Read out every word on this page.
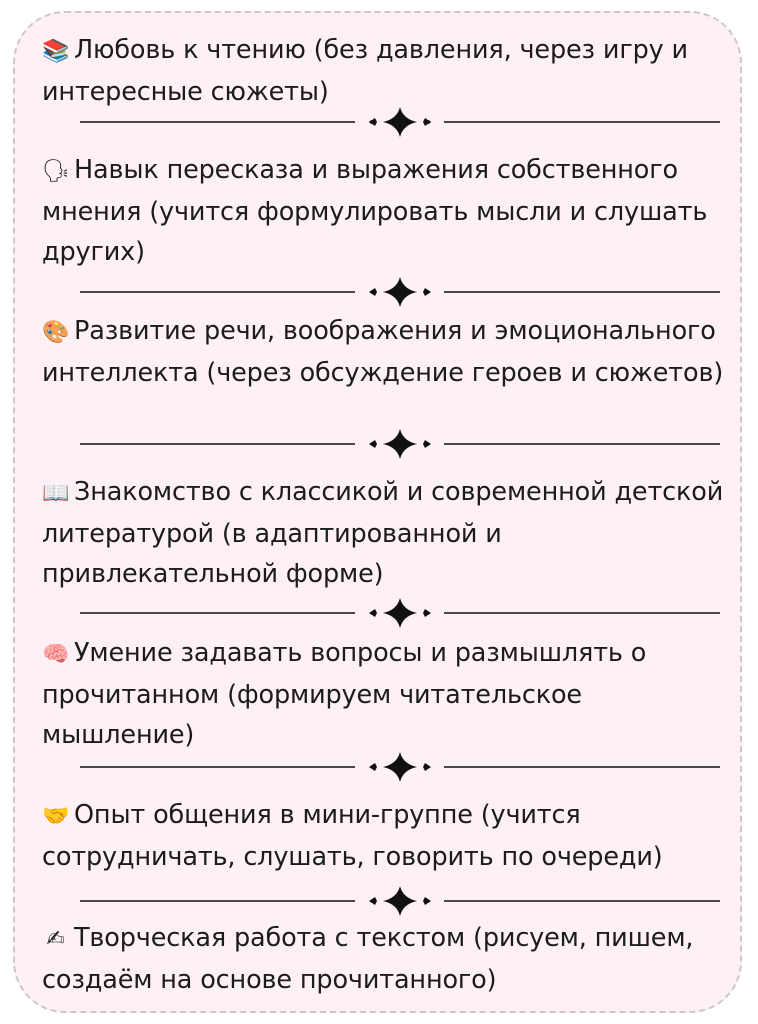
📚 Любовь к чтению (без давления, через игру и интересные сюжеты)
🗣 Навык пересказа и выражения собственного мнения (учится формулировать мысли и слушать других)
🎨 Развитие речи, воображения и эмоционального интеллекта (через обсуждение героев и сюжетов)
📖 Знакомство с классикой и современной детской литературой (в адаптированной и привлекательной форме)
🧠 Умение задавать вопросы и размышлять о прочитанном (формируем читательское мышление)
🤝 Опыт общения в мини-группе (учится сотрудничать, слушать, говорить по очереди)
✍ Творческая работа с текстом (рисуем, пишем, создаём на основе прочитанного)
